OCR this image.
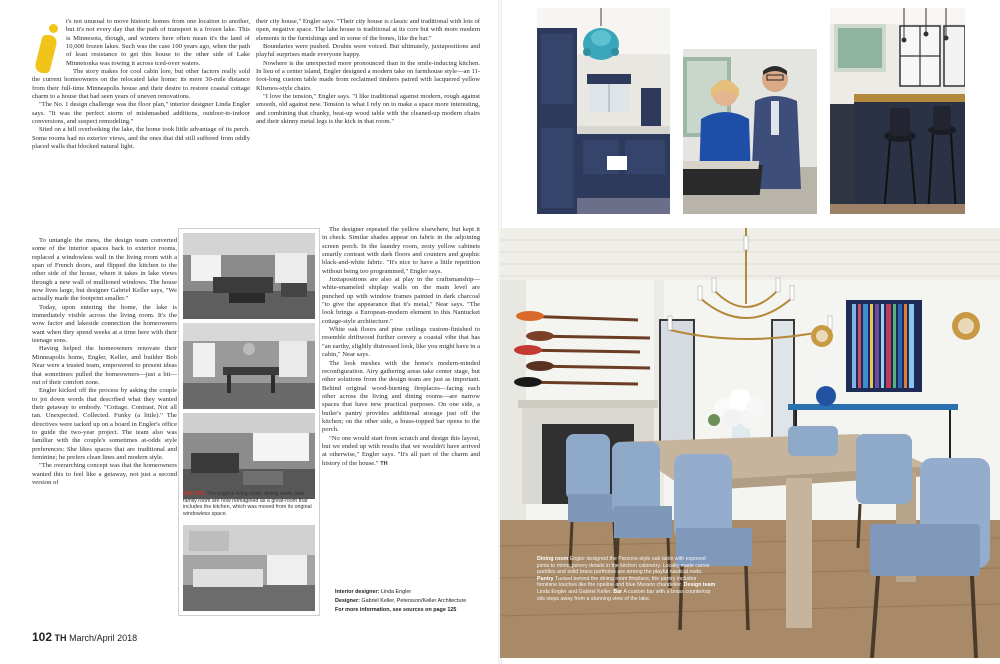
t's not unusual to move historic homes from one location to another, but it's not every day that the path of transport is a frozen lake. This is Minnesota, though, and winters here often mean it's the land of 10,000 frozen lakes. Such was the case 100 years ago, when the path of least resistance to get this house to the other side of Lake Minnetonka was towing it across iced-over waters.

The story makes for cool cabin lore, but other factors really sold the current homeowners on the relocated lake home: its mere 30-mile distance from their full-time Minneapolis house and their desire to restore coastal cottage charm to a house that had seen years of uneven renovations.

"The No. 1 design challenge was the floor plan," interior designer Linda Engler says. "It was the perfect storm of mishmashed additions, outdoor-to-indoor conversions, and suspect remodeling."

Sited on a hill overlooking the lake, the home took little advantage of its perch. Some rooms had no exterior views, and the ones that did still suffered from oddly placed walls that blocked natural light.

To untangle the mess, the design team converted some of the interior spaces back to exterior rooms, replaced a windowless wall in the living room with a span of French doors, and flipped the kitchen to the other side of the house, where it takes in lake views through a new wall of mullioned windows. The house now lives large, but designer Gabriel Keller says, "We actually made the footprint smaller."

Today, upon entering the home, the lake is immediately visible across the living room. It's the wow factor and lakeside connection the homeowners want when they spend weeks at a time here with their teenage sons.

Having helped the homeowners renovate their Minneapolis home, Engler, Keller, and builder Bob Near were a trusted team, empowered to present ideas that sometimes pulled the homeowners—just a bit—out of their comfort zone.

Engler kicked off the process by asking the couple to jot down words that described what they wanted their getaway to embody. "Cottage. Contrast. Not all tan. Unexpected. Collected. Funky (a little)." The directives were tacked up on a board in Engler's office to guide the two-year project. The team also was familiar with the couple's sometimes at-odds style preferences: She likes spaces that are traditional and feminine; he prefers clean lines and modern style.

"The overarching concept was that the homeowners wanted this to feel like a getaway, not just a second version of

their city house," Engler says. "Their city house is classic and traditional with lots of open, negative space. The lake house is traditional at its core but with more modern elements in the furnishings and in some of the bones, like the bar."

Boundaries were pushed. Doubts were voiced. But ultimately, juxtapositions and playful surprises made everyone happy.

Nowhere is the unexpected more pronounced than in the smile-inducing kitchen. In lieu of a center island, Engler designed a modern take on farmhouse style—an 11-foot-long custom table made from reclaimed timbers paired with lacquered yellow Klismos-style chairs.

"I love the tension," Engler says. "I like traditional against modern, rough against smooth, old against new. Tension is what I rely on to make a space more interesting, and combining that chunky, beat-up wood table with the cleaned-up modern chairs and their skinny metal legs is the kick in that room."

The designer repeated the yellow elsewhere, but kept it in check. Similar shades appear on fabric in the adjoining screen porch. In the laundry room, zesty yellow cabinets smartly contrast with dark floors and counters and graphic black-and-white fabric. "It's nice to have a little repetition without being too programmed," Engler says.

Juxtapositions are also at play in the craftsmanship—white-enameled shiplap walls on the main level are punched up with window frames painted in dark charcoal "to give the appearance that it's metal," Near says. "The look brings a European-modern element to this Nantucket cottage-style architecture."

White oak floors and pine ceilings custom-finished to resemble driftwood further convey a coastal vibe that has "an earthy, slightly distressed look, like you might have in a cabin," Near says.

The look meshes with the home's modern-minded reconfiguration. Airy gathering areas take center stage, but other solutions from the design team are just as important. Behind original wood-burning fireplaces—facing each other across the living and dining rooms—are narrow spaces that have new practical purposes. On one side, a butler's pantry provides additional storage just off the kitchen; on the other side, a brass-topped bar opens to the porch.

"No one would start from scratch and design this layout, but we ended up with results that we wouldn't have arrived at otherwise," Engler says. "It's all part of the charm and history of the house." TH

Interior designer: Linda Engler
Designer: Gabriel Keller, Petersson/Keller Architecture
For more information, see sources on page 125
BEFORE The original living room, dining room, and family room are now reimagined as a great-room that includes the kitchen, which was moved from its original windowless space.
102 TH March/April 2018
Dining room Engler designed the Parsons-style oak table with exposed joints to mimic joinery details in the kitchen cabinetry. Locally made canoe paddles and solid brass portholes are among the playful nautical nods. Pantry Tucked behind the dining room fireplace, the pantry includes feminine touches like the opaline and blue Murano chandelier. Design team Linda Engler and Gabriel Keller. Bar A custom bar with a brass countertop sits steps away from a stunning view of the lake.
